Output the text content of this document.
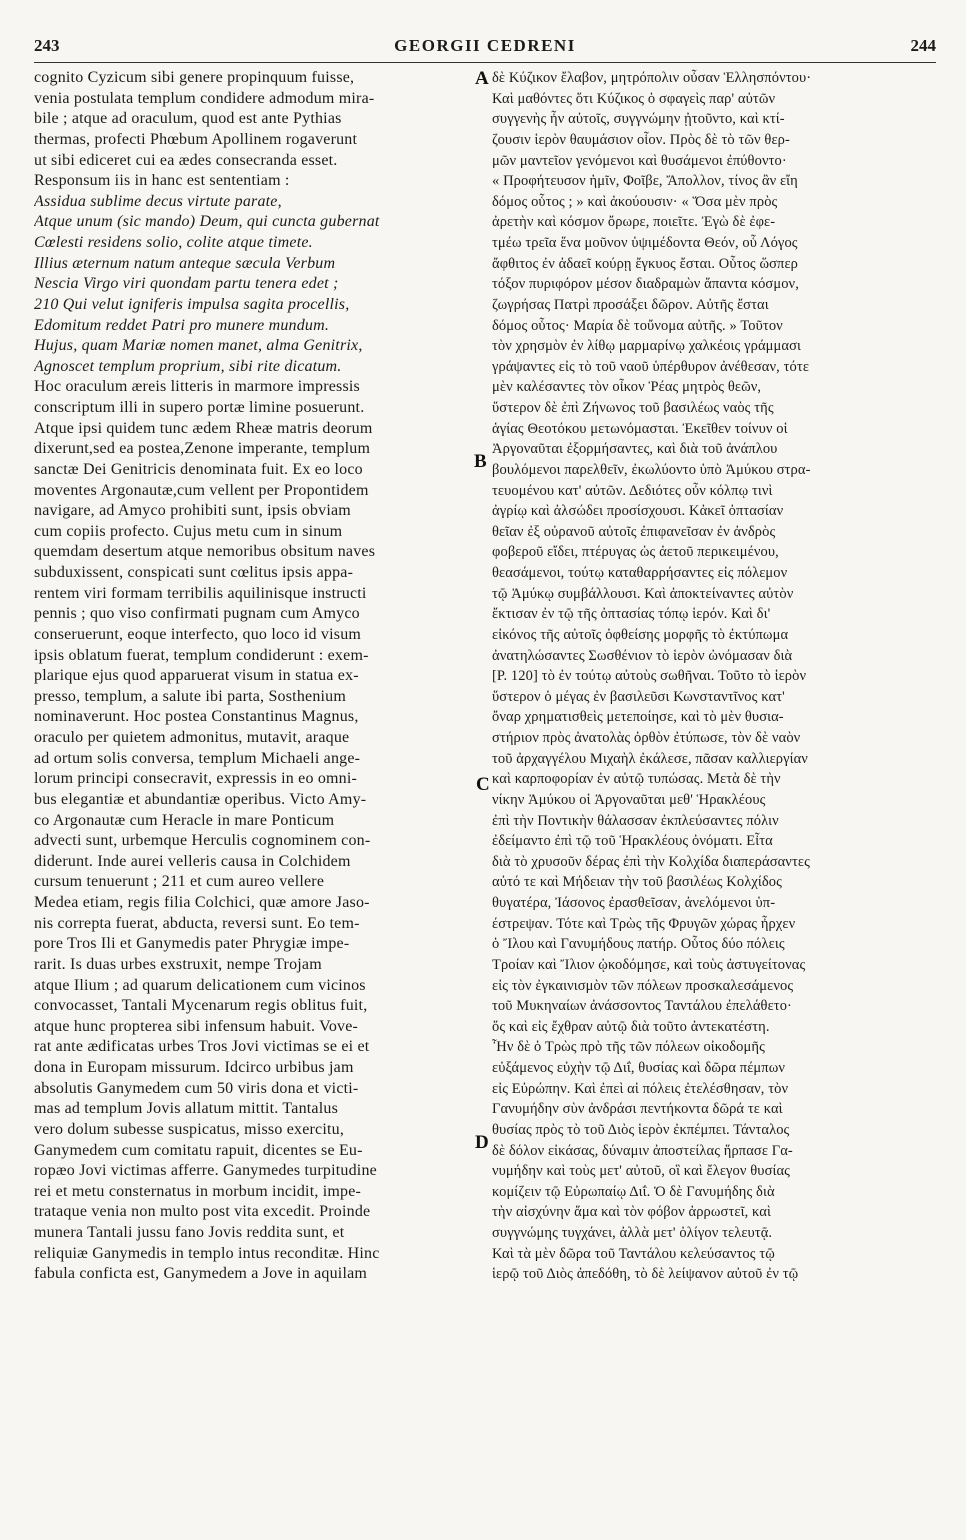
243	GEORGII CEDRENI	244
cognito Cyzicum sibi genere propinquum fuisse,
venia postulata templum condidere admodum mira-
bile ; atque ad oraculum, quod est ante Pythias
thermas, profecti Phœbum Apollinem rogaverunt
ut sibi ediceret cui ea ædes consecranda esset.
Responsum iis in hanc est sententiam :
Assidua sublime decus virtute parate,
Atque unum (sic mando) Deum, qui cuncta gubernat
Cœlesti residens solio, colite atque timete.
Illius æternum natum anteque sæcula Verbum
Nescia Virgo viri quondam partu tenera edet ;
210 Qui velut igniferis impulsa sagita procellis,
Edomitum reddet Patri pro munere mundum.
Hujus, quam Mariæ nomen manet, alma Genitrix,
Agnoscet templum proprium, sibi rite dicatum.
Hoc oraculum æreis litteris in marmore impressis
conscriptum illi in supero portæ limine posuerunt.
Atque ipsi quidem tunc ædem Rheæ matris deorum
dixerunt,sed ea postea,Zenone imperante, templum
sanctæ Dei Genitricis denominata fuit. Ex eo loco
moventes Argonautæ,cum vellent per Propontidem
navigare, ad Amyco prohibiti sunt, ipsis obviam
cum copiis profecto. Cujus metu cum in sinum
quemdam desertum atque nemoribus obsitum naves
subduxissent, conspicati sunt cœlitus ipsis appa-
rentem viri formam terribilis aquilinisque instructi
pennis ; quo viso confirmati pugnam cum Amyco
conseruerunt, eoque interfecto, quo loco id visum
ipsis oblatum fuerat, templum condiderunt : exem-
plarique ejus quod apparuerat visum in statua ex-
presso, templum, a salute ibi parta, Sosthenium
nominaverunt. Hoc postea Constantinus Magnus,
oraculo per quietem admonitus, mutavit, araque
ad ortum solis conversa, templum Michaeli ange-
lorum principi consecravit, expressis in eo omni-
bus elegantiæ et abundantiæ operibus. Victo Amy-
co Argonautæ cum Heracle in mare Ponticum
advecti sunt, urbemque Herculis cognominem con-
diderunt. Inde aurei velleris causa in Colchidem
cursum tenuerunt ; 211 et cum aureo vellere
Medea etiam, regis filia Colchici, quæ amore Jaso-
nis correpta fuerat, abducta, reversi sunt. Eo tem-
pore Tros Ili et Ganymedis pater Phrygiæ impe-
rarit. Is duas urbes exstruxit, nempe Trojam
atque Ilium ; ad quarum delicationem cum vicinos
convocasset, Tantali Mycenarum regis oblitus fuit,
atque hunc propterea sibi infensum habuit. Vove-
rat ante ædificatas urbes Tros Jovi victimas se ei et
dona in Europam missurum. Idcirco urbibus jam
absolutis Ganymedem cum 50 viris dona et victi-
mas ad templum Jovis allatum mittit. Tantalus
vero dolum subesse suspicatus, misso exercitu,
Ganymedem cum comitatu rapuit, dicentes se Eu-
ropæo Jovi victimas afferre. Ganymedes turpitudine
rei et metu consternatus in morbum incidit, impe-
trataque venia non multo post vita excedit. Proinde
munera Tantali jussu fano Jovis reddita sunt, et
reliquiæ Ganymedis in templo intus reconditæ. Hinc
fabula conficta est, Ganymedem a Jove in aquilam
δὲ Κύζικον ἔλαβον, μητρόπολιν οὖσαν Ἑλλησπόντου·
Καὶ μαθόντες ὅτι Κύζικος ὁ σφαγεὶς παρ' αὐτῶν
συγγενὴς ἦν αὐτοῖς, συγγνώμην ᾐτοῦντο, καὶ κτί-
ζουσιν ἱερὸν θαυμάσιον οἷον. Πρὸς δὲ τὸ τῶν θερ-
μῶν μαντεῖον γενόμενοι καὶ θυσάμενοι ἐπύθοντο·
« Προφήτευσον ἡμῖν, Φοῖβε, Ἄπολλον, τίνος ἂν εἴη
δόμος οὗτος ; » καὶ ἀκούουσιν· « Ὅσα μὲν πρὸς
ἀρετὴν καὶ κόσμον ὄρωρε, ποιεῖτε. Ἐγὼ δὲ ἐφε-
τμέω τρεῖα ἕνα μοῦνον ὑψιμέδοντα Θεόν, οὗ Λόγος
ἄφθιτος ἐν ἀδαεῖ κούρῃ ἔγκυος ἔσται. Οὗτος ὥσπερ
τόξον πυριφόρον μέσον διαδραμὼν ἅπαντα κόσμον,
ζωγρήσας Πατρὶ προσάξει δῶρον. Αὐτῆς ἔσται
δόμος οὗτος· Μαρία δὲ τοὔνομα αὐτῆς. » Τοῦτον
τὸν χρησμὸν ἐν λίθῳ μαρμαρίνῳ χαλκέοις γράμμασι
γράψαντες εἰς τὸ τοῦ ναοῦ ὑπέρθυρον ἀνέθεσαν, τότε
μὲν καλέσαντες τὸν οἶκον Ῥέας μητρὸς θεῶν,
ὕστερον δὲ ἐπὶ Ζήνωνος τοῦ βασιλέως ναὸς τῆς
ἁγίας Θεοτόκου μετωνόμασται. Ἐκεῖθεν τοίνυν οἱ
Ἀργοναῦται ἐξορμήσαντες, καὶ διὰ τοῦ ἀνάπλου
βουλόμενοι παρελθεῖν, ἐκωλύοντο ὑπὸ Ἀμύκου στρα-
τευομένου κατ' αὐτῶν. Δεδιότες οὖν κόλπῳ τινὶ
ἀγρίῳ καὶ ἀλσώδει προσίσχουσι. Κἀκεῖ ὀπτασίαν
θεῖαν ἐξ οὐρανοῦ αὐτοῖς ἐπιφανεῖσαν ἐν ἀνδρὸς
φοβεροῦ εἴδει, πτέρυγας ὡς ἀετοῦ περικειμένου,
θεασάμενοι, τούτῳ καταθαρρήσαντες εἰς πόλεμον
τῷ Ἀμύκῳ συμβάλλουσι. Καὶ ἀποκτείναντες αὐτὸν
ἔκτισαν ἐν τῷ τῆς ὀπτασίας τόπῳ ἱερόν. Καὶ δι'
εἰκόνος τῆς αὐτοῖς ὀφθείσης μορφῆς τὸ ἐκτύπωμα
ἀνατηλώσαντες Σωσθένιον τὸ ἱερὸν ὠνόμασαν διὰ
[P. 120] τὸ ἐν τούτῳ αὐτοὺς σωθῆναι. Τοῦτο τὸ ἱερὸν
ὕστερον ὁ μέγας ἐν βασιλεῦσι Κωνσταντῖνος κατ'
ὄναρ χρηματισθεὶς μετεποίησε, καὶ τὸ μὲν θυσια-
στήριον πρὸς ἀνατολὰς ὀρθὸν ἐτύπωσε, τὸν δὲ ναὸν
τοῦ ἀρχαγγέλου Μιχαὴλ ἐκάλεσε, πᾶσαν καλλιεργίαν
καὶ καρποφορίαν ἐν αὐτῷ τυπώσας. Μετὰ δὲ τὴν
νίκην Ἀμύκου οἱ Ἀργοναῦται μεθ' Ἡρακλέους
ἐπὶ τὴν Ποντικὴν θάλασσαν ἐκπλεύσαντες πόλιν
ἐδείμαντο ἐπὶ τῷ τοῦ Ἡρακλέους ὀνόματι. Εἶτα
διὰ τὸ χρυσοῦν δέρας ἐπὶ τὴν Κολχίδα διαπεράσαντες
αὐτό τε καὶ Μήδειαν τὴν τοῦ βασιλέως Κολχίδος
θυγατέρα, Ἰάσονος ἐρασθεῖσαν, ἀνελόμενοι ὑπ-
έστρεψαν. Τότε καὶ Τρὼς τῆς Φρυγῶν χώρας ἦρχεν
ὁ Ἴλου καὶ Γανυμήδους πατήρ. Οὗτος δύο πόλεις
Τροίαν καὶ Ἴλιον ᾠκοδόμησε, καὶ τοὺς ἀστυγείτονας
εἰς τὸν ἐγκαινισμὸν τῶν πόλεων προσκαλεσάμενος
τοῦ Μυκηναίων ἀνάσσοντος Ταντάλου ἐπελάθετο·
ὅς καὶ εἰς ἔχθραν αὐτῷ διὰ τοῦτο ἀντεκατέστη.
Ἦν δὲ ὁ Τρὼς πρὸ τῆς τῶν πόλεων οἰκοδομῆς
εὐξάμενος εὐχὴν τῷ Διΐ, θυσίας καὶ δῶρα πέμπων
εἰς Εὐρώπην. Καὶ ἐπεὶ αἱ πόλεις ἐτελέσθησαν, τὸν
Γανυμήδην σὺν ἀνδράσι πεντήκοντα δῶρά τε καὶ
θυσίας πρὸς τὸ τοῦ Διὸς ἱερὸν ἐκπέμπει. Τάνταλος
δὲ δόλον εἰκάσας, δύναμιν ἀποστείλας ἥρπασε Γα-
νυμήδην καὶ τοὺς μετ' αὐτοῦ, οἳ καὶ ἔλεγον θυσίας
κομίζειν τῷ Εὐρωπαίῳ Διΐ. Ὁ δὲ Γανυμήδης διὰ
τὴν αἰσχύνην ἅμα καὶ τὸν φόβον ἀρρωστεῖ, καὶ
συγγνώμης τυγχάνει, ἀλλὰ μετ' ὀλίγον τελευτᾷ.
Καὶ τὰ μὲν δῶρα τοῦ Ταντάλου κελεύσαντος τῷ
ἱερῷ τοῦ Διὸς ἀπεδόθη, τὸ δὲ λείψανον αὐτοῦ ἐν τῷ
A
C
D
B
